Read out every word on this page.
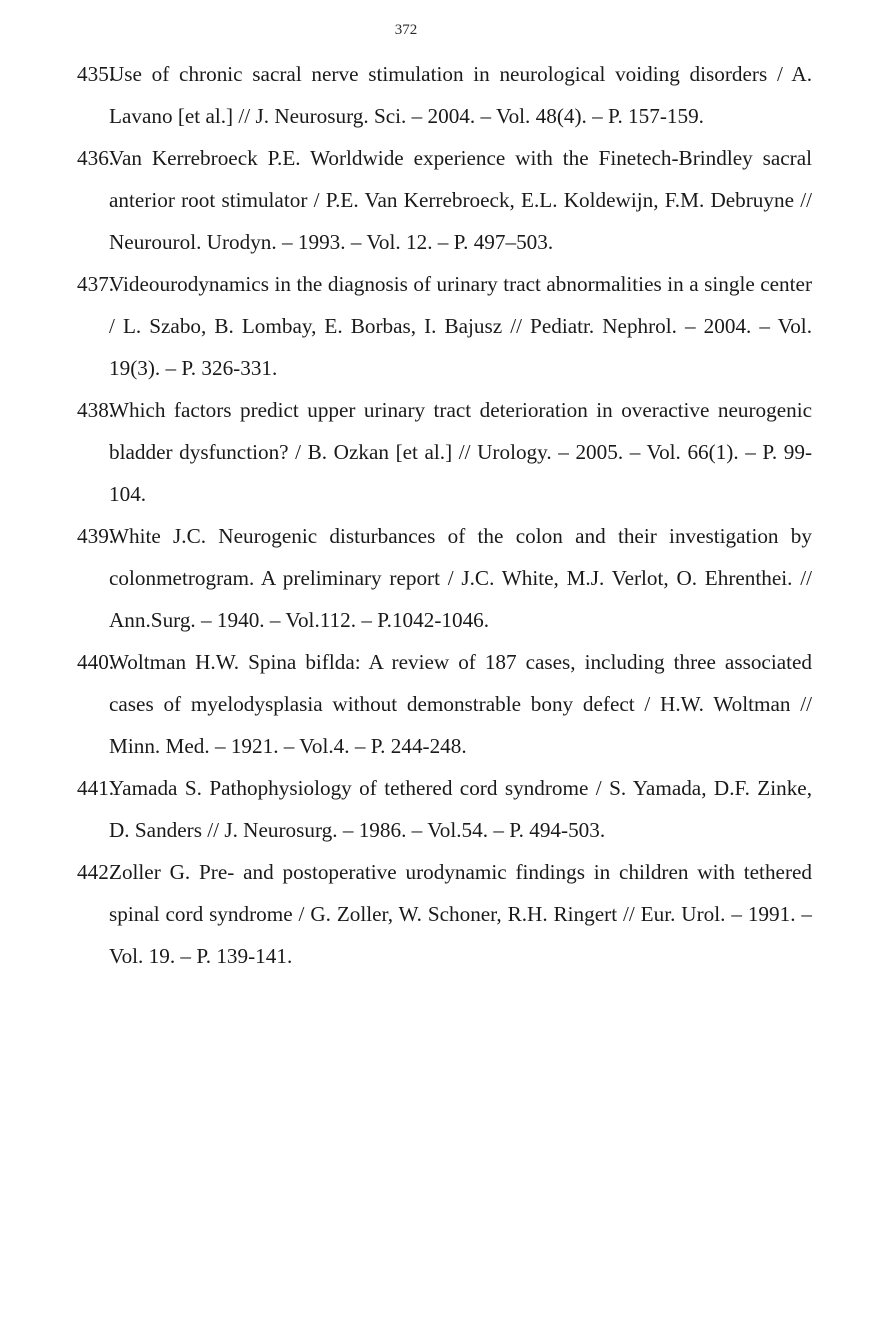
372
435.
Use of chronic sacral nerve stimulation in neurological voiding disorders / A. Lavano [et al.] // J. Neurosurg. Sci. – 2004. – Vol. 48(4). – P. 157-159.
436.
Van Kerrebroeck P.E. Worldwide experience with the Finetech-Brindley sacral anterior root stimulator / P.E. Van Kerrebroeck, E.L. Koldewijn, F.M. Debruyne // Neurourol. Urodyn. – 1993. – Vol. 12. – P. 497–503.
437.
Videourodynamics in the diagnosis of urinary tract abnormalities in a single center / L. Szabo, B. Lombay, E. Borbas, I. Bajusz // Pediatr. Nephrol. – 2004. – Vol. 19(3). – P. 326-331.
438.
Which factors predict upper urinary tract deterioration in overactive neurogenic bladder dysfunction? / B. Ozkan [et al.] // Urology. – 2005. – Vol. 66(1). – P. 99-104.
439.
White J.C. Neurogenic disturbances of the colon and their investigation by colonmetrogram. A preliminary report / J.C. White, M.J. Verlot, O. Ehrenthei. // Ann.Surg. – 1940. – Vol.112. – P.1042-1046.
440.
Woltman H.W. Spina biflda: A review of 187 cases, including three associated cases of myelodysplasia without demonstrable bony defect / H.W. Woltman // Minn. Med. – 1921. – Vol.4. – P. 244-248.
441.
Yamada S. Pathophysiology of tethered cord syndrome / S. Yamada, D.F. Zinke, D. Sanders // J. Neurosurg. – 1986. – Vol.54. – P. 494-503.
442.
Zoller G. Pre- and postoperative urodynamic findings in children with tethered spinal cord syndrome / G. Zoller, W. Schoner, R.H. Ringert // Eur. Urol. – 1991. – Vol. 19. – P. 139-141.
